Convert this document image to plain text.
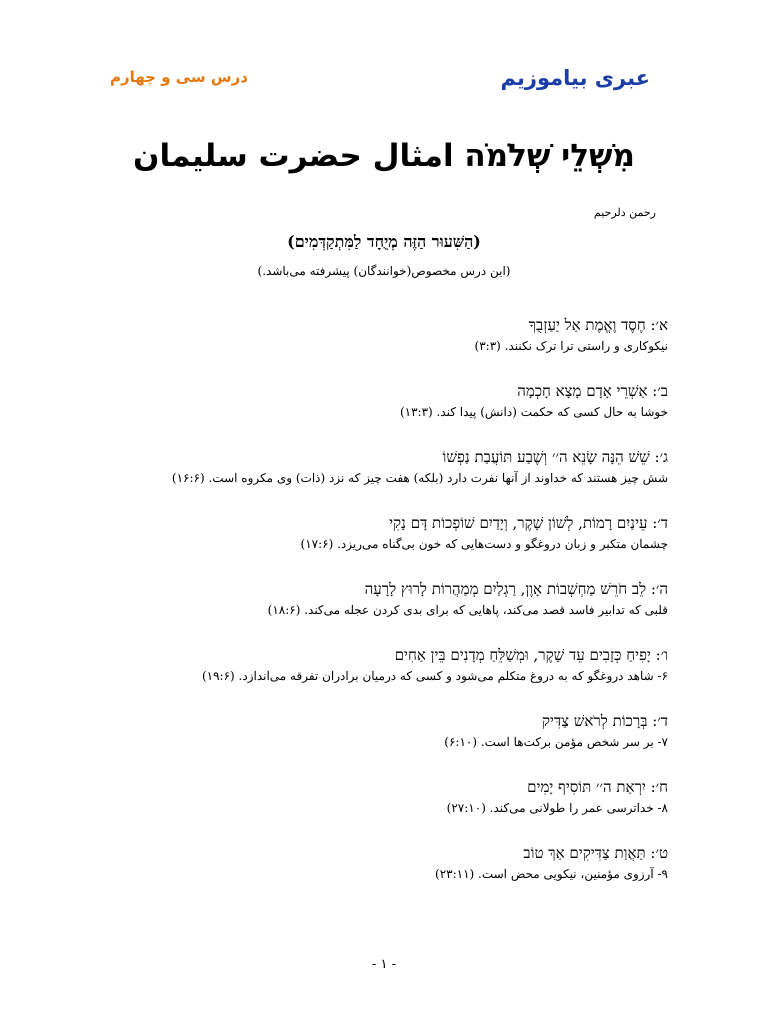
عبری بیاموزیم
درس سی و چهارم
מִשְׁלֵי שְׁלֹמֹה امثال حضرت سلیمان
رحمن دلرحیم
(הַשִּׁעוּר הַזֶּה מְיֻחָד לַמִּתְקַדְּמִים)
(این درس مخصوص(خوانندگان) پیشرفته می‌باشد.)
א׳: חֶסֶד וֶאֱמֶת אַל יַעַזְבֻךָ
نیکوکاری و راستی ترا ترک نکنند. (۳:۳)
ב׳: אַשְׁרֵי אָדָם מָצָא חָכְמָה
خوشا به حال کسی که حکمت (دانش) پیدا کند. (۱۳:۳)
ג׳: שֵׁשׁ הֵנָּה שָׂנֵא ה׳׳ וְשֶׁבַע תּוֹעֲבַת נַפְשׁוֹ
شش چیز هستند که خداوند از آنها نفرت دارد (بلکه) هفت چیز که نزد (ذات) وی مکروه است. (۱۶:۶)
ד׳: עֵינַיִם רָמוֹת, לְשׁוֹן שָׁקֶר, וְיָדַיִם שׁוֹפְכוֹת דָּם נָקִי
چشمان متکبر و زبان دروغگو و دست‌هایی که خون بی‌گناه می‌ریزد. (۱۷:۶)
ה׳: לֵב חֹרֵשׁ מַחְשְׁבוֹת אָוֶן, רַגְלַיִם מְמַהֲרוֹת לָרוּץ לָרָעָה
قلبی که تدابیر فاسد قصد می‌کند، پاهایی که برای بدی کردن عجله می‌کند. (۱۸:۶)
ו׳: יָפִיחַ כְּזָבִים עֵד שָׁקֶר, וּמְשַׁלֵּחַ מְדָנִים בֵּין אַחִים
۶- شاهد دروغگو که به دروغ متکلم می‌شود و کسی که درمیان برادران تفرقه می‌اندازد. (۱۹:۶)
ד׳: בְּרָכוֹת לְרֹאשׁ צַדִּיק
۷- بر سر شخص مؤمن برکت‌ها است. (۶:۱۰)
ח׳: יִרְאַת ה׳׳ תּוֹסִיף יָמִים
۸- خداترسی عمر را طولانی می‌کند. (۲۷:۱۰)
ט׳: תַּאֲוַת צַדִּיקִים אַךְ טוֹב
۹- آرزوی مؤمنین، نیکویی محض است. (۲۳:۱۱)
- ۱ -
